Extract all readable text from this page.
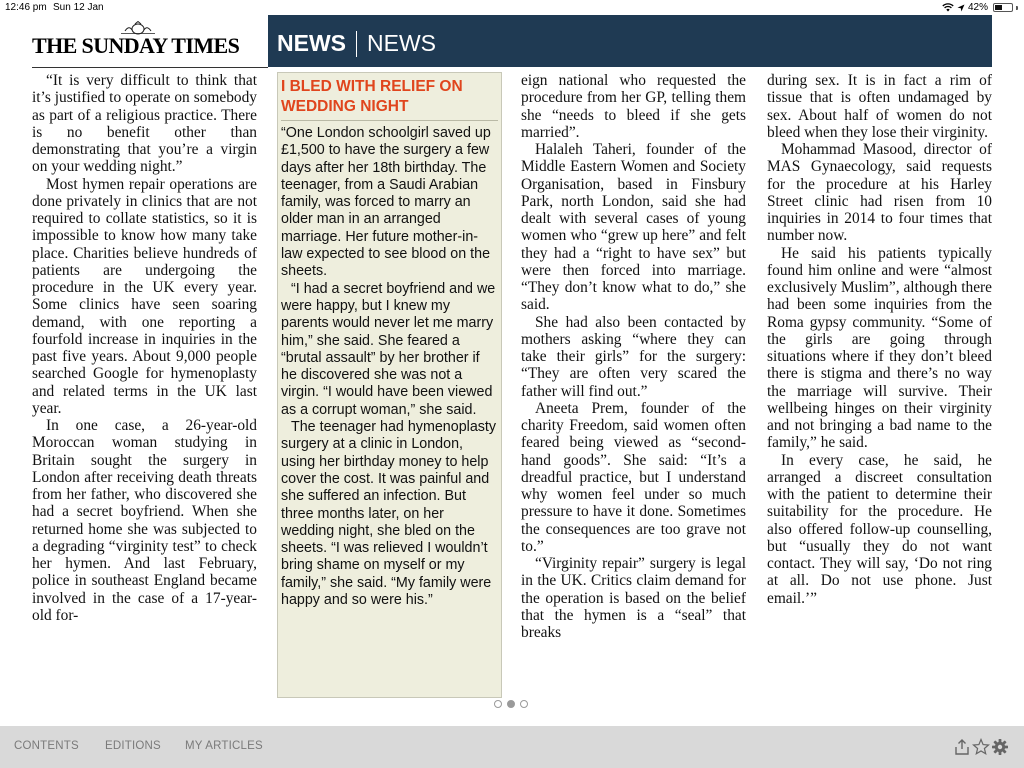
12:46 pm Sun 12 Jan	42%
THE SUNDAY TIMES NEWS NEWS

“It is very difficult to think that it’s justified to operate on somebody as part of a religious practice. There is no benefit other than demonstrating that you’re a virgin on your wedding night.”

Most hymen repair operations are done privately in clinics that are not required to collate statistics, so it is impossible to know how many take place. Charities believe hundreds of patients are undergoing the procedure in the UK every year. Some clinics have seen soaring demand, with one reporting a fourfold increase in inquiries in the past five years. About 9,000 people searched Google for hymenoplasty and related terms in the UK last year.

In one case, a 26-year-old Moroccan woman studying in Britain sought the surgery in London after receiving death threats from her father, who discovered she had a secret boyfriend. When she returned home she was subjected to a degrading “virginity test” to check her hymen. And last February, police in southeast England became involved in the case of a 17-year-old for-

I BLED WITH RELIEF ON WEDDING NIGHT

“One London schoolgirl saved up £1,500 to have the surgery a few days after her 18th birthday. The teenager, from a Saudi Arabian family, was forced to marry an older man in an arranged marriage. Her future mother-in-law expected to see blood on the sheets.

“I had a secret boyfriend and we were happy, but I knew my parents would never let me marry him,” she said. She feared a “brutal assault” by her brother if he discovered she was not a virgin. “I would have been viewed as a corrupt woman,” she said.

The teenager had hymenoplasty surgery at a clinic in London, using her birthday money to help cover the cost. It was painful and she suffered an infection. But three months later, on her wedding night, she bled on the sheets. “I was relieved I wouldn’t bring shame on myself or my family,” she said. “My family were happy and so were his.”

eign national who requested the procedure from her GP, telling them she “needs to bleed if she gets married”.

Halaleh Taheri, founder of the Middle Eastern Women and Society Organisation, based in Finsbury Park, north London, said she had dealt with several cases of young women who “grew up here” and felt they had a “right to have sex” but were then forced into marriage. “They don’t know what to do,” she said.

She had also been contacted by mothers asking “where they can take their girls” for the surgery: “They are often very scared the father will find out.”

Aneeta Prem, founder of the charity Freedom, said women often feared being viewed as “second-hand goods”. She said: “It’s a dreadful practice, but I understand why women feel under so much pressure to have it done. Sometimes the consequences are too grave not to.”

“Virginity repair” surgery is legal in the UK. Critics claim demand for the operation is based on the belief that the hymen is a “seal” that breaks

during sex. It is in fact a rim of tissue that is often undamaged by sex. About half of women do not bleed when they lose their virginity.

Mohammad Masood, director of MAS Gynaecology, said requests for the procedure at his Harley Street clinic had risen from 10 inquiries in 2014 to four times that number now.

He said his patients typically found him online and were “almost exclusively Muslim”, although there had been some inquiries from the Roma gypsy community. “Some of the girls are going through situations where if they don’t bleed there is stigma and there’s no way the marriage will survive. Their wellbeing hinges on their virginity and not bringing a bad name to the family,” he said.

In every case, he said, he arranged a discreet consultation with the patient to determine their suitability for the procedure. He also offered follow-up counselling, but “usually they do not want contact. They will say, ‘Do not ring at all. Do not use phone. Just email.’”

CONTENTS EDITIONS MY ARTICLES
